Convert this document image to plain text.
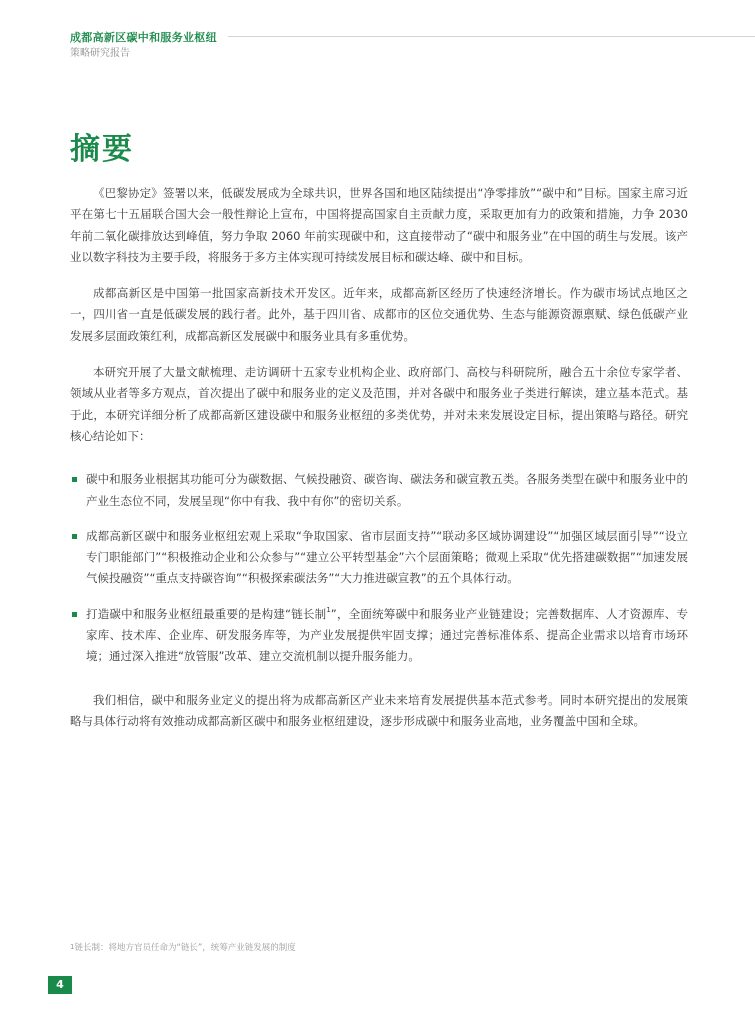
成都高新区碳中和服务业枢纽
策略研究报告
摘要

《巴黎协定》签署以来，低碳发展成为全球共识，世界各国和地区陆续提出“净零排放”“碳中和”目标。国家主席习近平在第七十五届联合国大会一般性辩论上宣布，中国将提高国家自主贡献力度，采取更加有力的政策和措施，力争 2030 年前二氧化碳排放达到峰值，努力争取 2060 年前实现碳中和，这直接带动了“碳中和服务业”在中国的萌生与发展。该产业以数字科技为主要手段，将服务于多方主体实现可持续发展目标和碳达峰、碳中和目标。

成都高新区是中国第一批国家高新技术开发区。近年来，成都高新区经历了快速经济增长。作为碳市场试点地区之一，四川省一直是低碳发展的践行者。此外，基于四川省、成都市的区位交通优势、生态与能源资源禀赋、绿色低碳产业发展多层面政策红利，成都高新区发展碳中和服务业具有多重优势。

本研究开展了大量文献梳理、走访调研十五家专业机构企业、政府部门、高校与科研院所，融合五十余位专家学者、领域从业者等多方观点，首次提出了碳中和服务业的定义及范围，并对各碳中和服务业子类进行解读，建立基本范式。基于此，本研究详细分析了成都高新区建设碳中和服务业枢纽的多类优势，并对未来发展设定目标，提出策略与路径。研究核心结论如下：

碳中和服务业根据其功能可分为碳数据、气候投融资、碳咨询、碳法务和碳宣教五类。各服务类型在碳中和服务业中的产业生态位不同，发展呈现“你中有我、我中有你”的密切关系。
成都高新区碳中和服务业枢纽宏观上采取“争取国家、省市层面支持”“联动多区域协调建设”“加强区域层面引导”“设立专门职能部门”“积极推动企业和公众参与”“建立公平转型基金”六个层面策略；微观上采取“优先搭建碳数据”“加速发展气候投融资”“重点支持碳咨询”“积极探索碳法务”“大力推进碳宣教”的五个具体行动。
打造碳中和服务业枢纽最重要的是构建“链长制$^1$”，全面统筹碳中和服务业产业链建设；完善数据库、人才资源库、专家库、技术库、企业库、研发服务库等，为产业发展提供牢固支撑；通过完善标准体系、提高企业需求以培育市场环境；通过深入推进“放管服”改革、建立交流机制以提升服务能力。

我们相信，碳中和服务业定义的提出将为成都高新区产业未来培育发展提供基本范式参考。同时本研究提出的发展策略与具体行动将有效推动成都高新区碳中和服务业枢纽建设，逐步形成碳中和服务业高地，业务覆盖中国和全球。

$^1$链长制：将地方官员任命为“链长”，统筹产业链发展的制度
4
